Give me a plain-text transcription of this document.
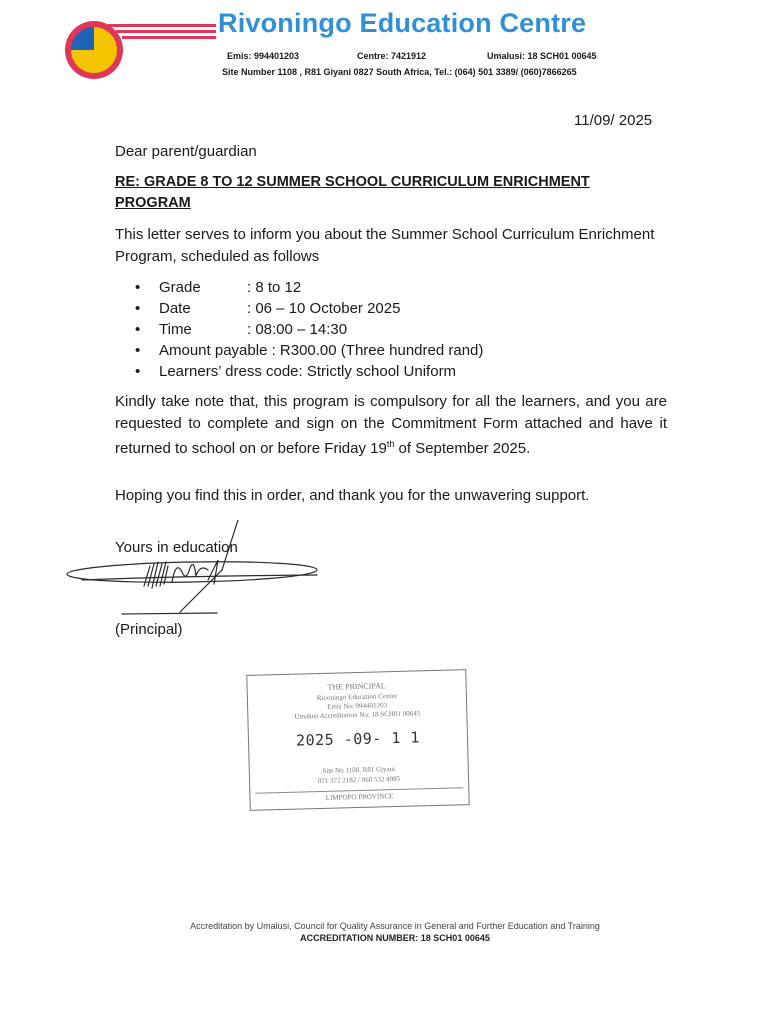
Rivoningo Education Centre
Emis: 994401203	Centre: 7421912	Umalusi: 18 SCH01 00645
Site Number 1108 , R81 Giyani 0827 South Africa, Tel.: (064) 501 3389/ (060)7866265
11/09/ 2025
Dear parent/guardian
RE: GRADE 8 TO 12 SUMMER SCHOOL CURRICULUM ENRICHMENT PROGRAM
This letter serves to inform you about the Summer School Curriculum Enrichment Program, scheduled as follows
• Grade	: 8 to 12
• Date	: 06 – 10 October 2025
• Time	: 08:00 – 14:30
• Amount payable : R300.00 (Three hundred rand)
• Learners’ dress code: Strictly school Uniform
Kindly take note that, this program is compulsory for all the learners, and you are requested to complete and sign on the Commitment Form attached and have it returned to school on or before Friday 19th of September 2025.
Hoping you find this in order, and thank you for the unwavering support.
Yours in education
(Principal)
THE PRINCIPAL
Rivoningo Education Centre
Emis No: 994401203
Umalusi Accreditation No: 18 SCH01 00645
2025 -09- 1 1
Site No 1108, R81 Giyani
071 372 2182 / 060 532 4985
LIMPOPO PROVINCE
Accreditation by Umalusi, Council for Quality Assurance in General and Further Education and Training
ACCREDITATION NUMBER: 18 SCH01 00645
